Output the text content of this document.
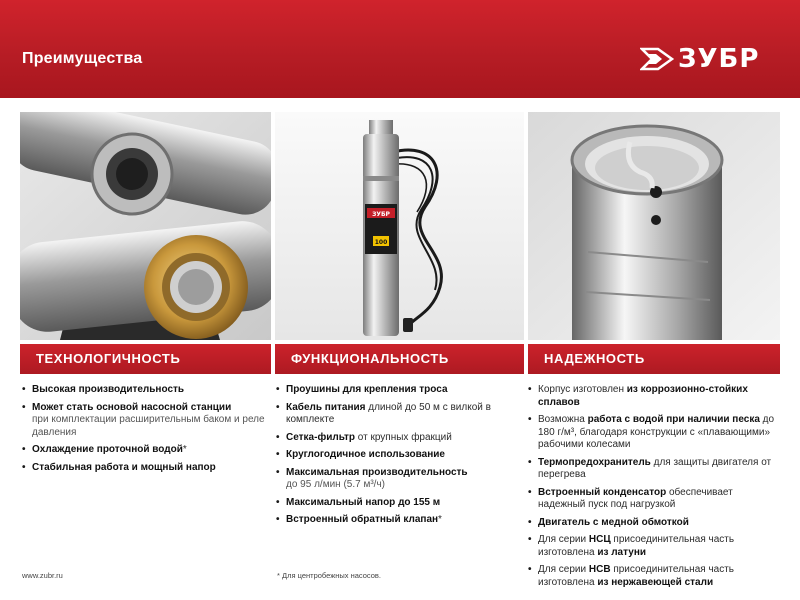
Преимущества	ЗУБР
ЗУБР
100
ТЕХНОЛОГИЧНОСТЬ	ФУНКЦИОНАЛЬНОСТЬ	НАДЕЖНОСТЬ
• Высокая производительность
• Может стать основой насосной станции
при комплектации расширительным баком и реле давления
• Охлаждение проточной водой*
• Стабильная работа и мощный напор
• Проушины для крепления троса
• Кабель питания длиной до 50 м с вилкой в комплекте
• Сетка-фильтр от крупных фракций
• Круглогодичное использование
• Максимальная производительность
до 95 л/мин (5.7 м³/ч)
• Максимальный напор до 155 м
• Встроенный обратный клапан*
• Корпус изготовлен из коррозионно-стойких сплавов
• Возможна работа с водой при наличии песка до 180 г/м³, благодаря конструкции с «плавающими» рабочими колесами
• Термопредохранитель для защиты двигателя от перегрева
• Встроенный конденсатор обеспечивает надежный пуск под нагрузкой
• Двигатель с медной обмоткой
• Для серии НСЦ присоединительная часть изготовлена из латуни
• Для серии НСВ присоединительная часть изготовлена из нержавеющей стали
www.zubr.ru	* Для центробежных насосов.
